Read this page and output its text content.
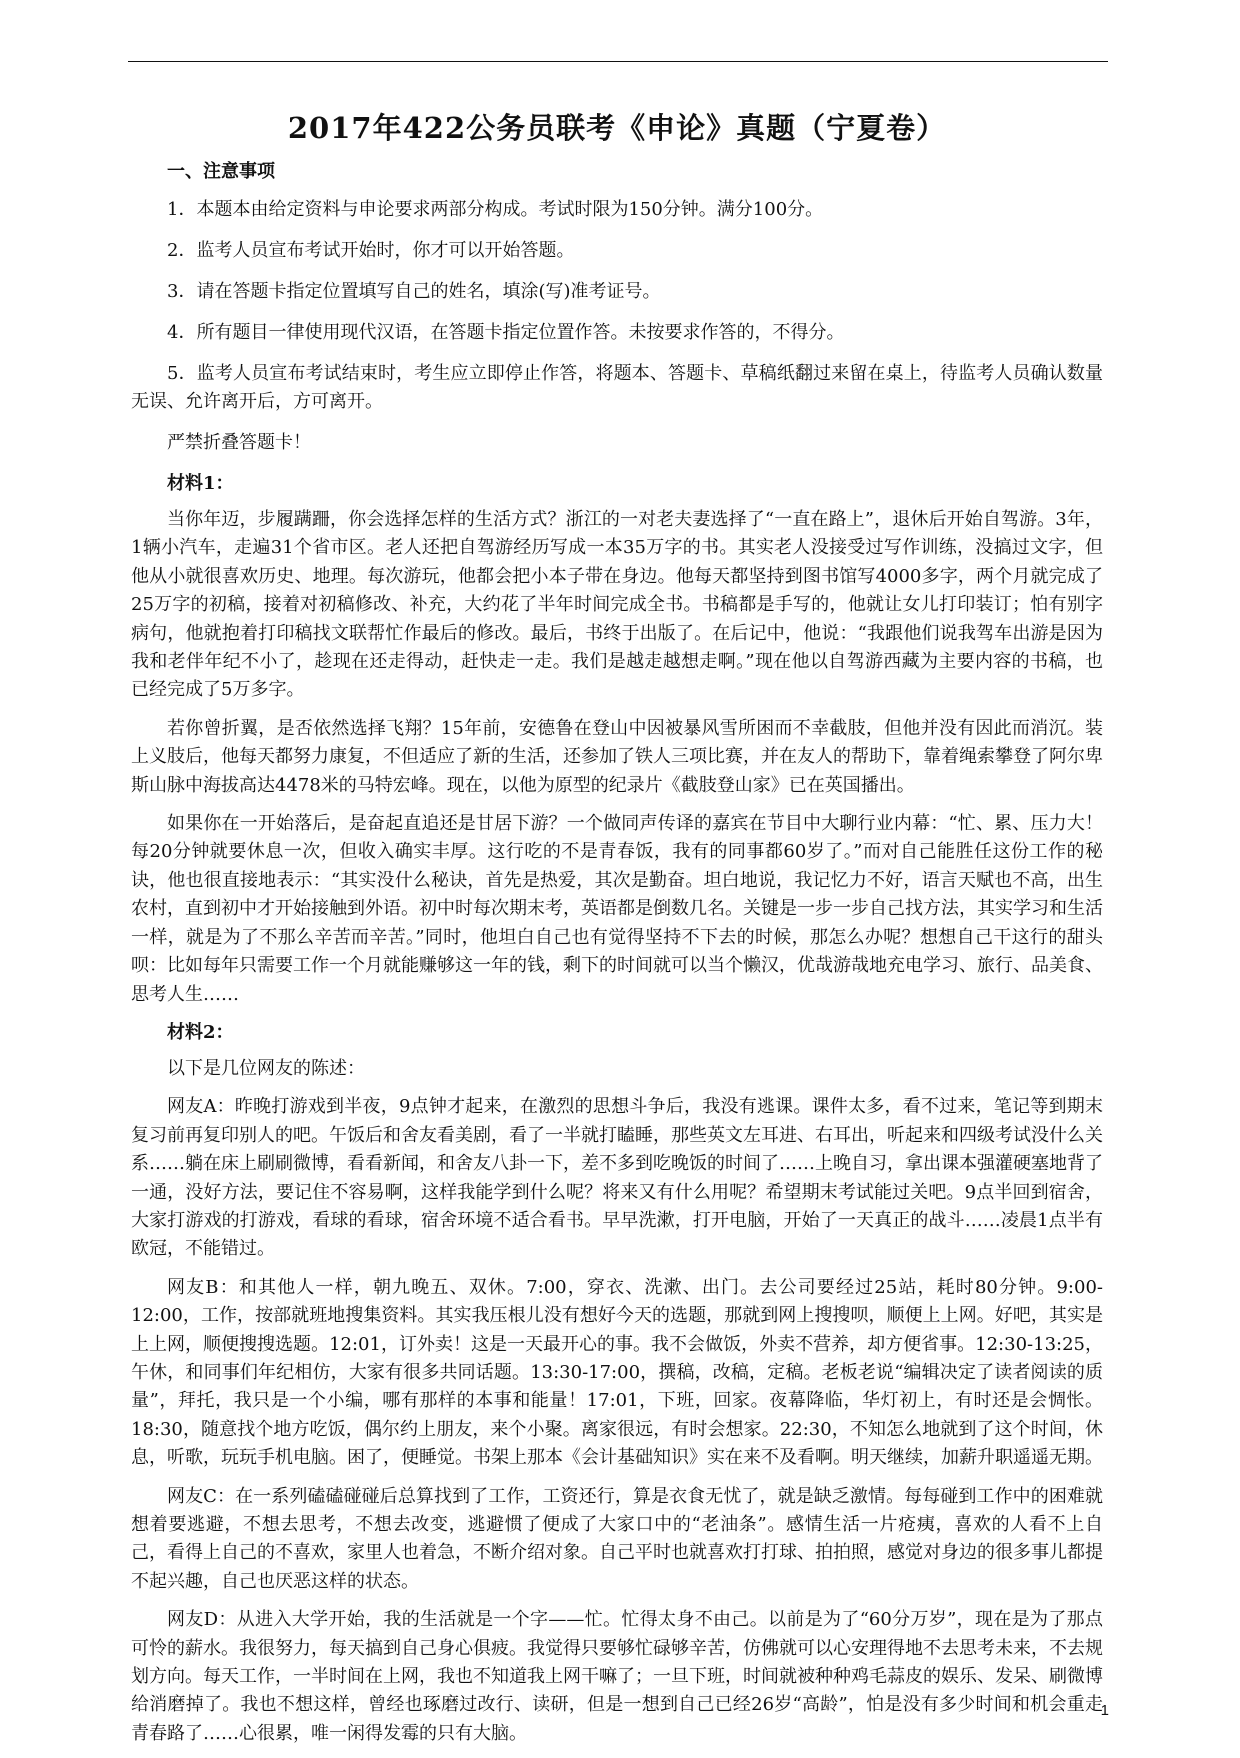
2017年422公务员联考《申论》真题（宁夏卷）
一、注意事项

1．本题本由给定资料与申论要求两部分构成。考试时限为150分钟。满分100分。

2．监考人员宣布考试开始时，你才可以开始答题。

3．请在答题卡指定位置填写自己的姓名，填涂(写)准考证号。

4．所有题目一律使用现代汉语，在答题卡指定位置作答。未按要求作答的，不得分。

5．监考人员宣布考试结束时，考生应立即停止作答，将题本、答题卡、草稿纸翻过来留在桌上，待监考人员确认数量无误、允许离开后，方可离开。

严禁折叠答题卡！

材料1：

当你年迈，步履蹒跚，你会选择怎样的生活方式？浙江的一对老夫妻选择了“一直在路上”，退休后开始自驾游。3年，1辆小汽车，走遍31个省市区。老人还把自驾游经历写成一本35万字的书。其实老人没接受过写作训练，没搞过文字，但他从小就很喜欢历史、地理。每次游玩，他都会把小本子带在身边。他每天都坚持到图书馆写4000多字，两个月就完成了25万字的初稿，接着对初稿修改、补充，大约花了半年时间完成全书。书稿都是手写的，他就让女儿打印装订；怕有别字病句，他就抱着打印稿找文联帮忙作最后的修改。最后，书终于出版了。在后记中，他说：“我跟他们说我驾车出游是因为我和老伴年纪不小了，趁现在还走得动，赶快走一走。我们是越走越想走啊。”现在他以自驾游西藏为主要内容的书稿，也已经完成了5万多字。

若你曾折翼，是否依然选择飞翔？15年前，安德鲁在登山中因被暴风雪所困而不幸截肢，但他并没有因此而消沉。装上义肢后，他每天都努力康复，不但适应了新的生活，还参加了铁人三项比赛，并在友人的帮助下，靠着绳索攀登了阿尔卑斯山脉中海拔高达4478米的马特宏峰。现在，以他为原型的纪录片《截肢登山家》已在英国播出。

如果你在一开始落后，是奋起直追还是甘居下游？一个做同声传译的嘉宾在节目中大聊行业内幕：“忙、累、压力大！每20分钟就要休息一次，但收入确实丰厚。这行吃的不是青春饭，我有的同事都60岁了。”而对自己能胜任这份工作的秘诀，他也很直接地表示：“其实没什么秘诀，首先是热爱，其次是勤奋。坦白地说，我记忆力不好，语言天赋也不高，出生农村，直到初中才开始接触到外语。初中时每次期末考，英语都是倒数几名。关键是一步一步自己找方法，其实学习和生活一样，就是为了不那么辛苦而辛苦。”同时，他坦白自己也有觉得坚持不下去的时候，那怎么办呢？想想自己干这行的甜头呗：比如每年只需要工作一个月就能赚够这一年的钱，剩下的时间就可以当个懒汉，优哉游哉地充电学习、旅行、品美食、思考人生……

材料2：

以下是几位网友的陈述：

网友A：昨晚打游戏到半夜，9点钟才起来，在激烈的思想斗争后，我没有逃课。课件太多，看不过来，笔记等到期末复习前再复印别人的吧。午饭后和舍友看美剧，看了一半就打瞌睡，那些英文左耳进、右耳出，听起来和四级考试没什么关系……躺在床上刷刷微博，看看新闻，和舍友八卦一下，差不多到吃晚饭的时间了……上晚自习，拿出课本强灌硬塞地背了一通，没好方法，要记住不容易啊，这样我能学到什么呢？将来又有什么用呢？希望期末考试能过关吧。9点半回到宿舍，大家打游戏的打游戏，看球的看球，宿舍环境不适合看书。早早洗漱，打开电脑，开始了一天真正的战斗……凌晨1点半有欧冠，不能错过。

网友B：和其他人一样，朝九晚五、双休。7:00，穿衣、洗漱、出门。去公司要经过25站，耗时80分钟。9:00-12:00，工作，按部就班地搜集资料。其实我压根儿没有想好今天的选题，那就到网上搜搜呗，顺便上上网。好吧，其实是上上网，顺便搜搜选题。12:01，订外卖！这是一天最开心的事。我不会做饭，外卖不营养，却方便省事。12:30-13:25，午休，和同事们年纪相仿，大家有很多共同话题。13:30-17:00，撰稿，改稿，定稿。老板老说“编辑决定了读者阅读的质量”，拜托，我只是一个小编，哪有那样的本事和能量！17:01，下班，回家。夜幕降临，华灯初上，有时还是会惆怅。18:30，随意找个地方吃饭，偶尔约上朋友，来个小聚。离家很远，有时会想家。22:30，不知怎么地就到了这个时间，休息，听歌，玩玩手机电脑。困了，便睡觉。书架上那本《会计基础知识》实在来不及看啊。明天继续，加薪升职遥遥无期。

网友C：在一系列磕磕碰碰后总算找到了工作，工资还行，算是衣食无忧了，就是缺乏激情。每每碰到工作中的困难就想着要逃避，不想去思考，不想去改变，逃避惯了便成了大家口中的“老油条”。感情生活一片疮痍，喜欢的人看不上自己，看得上自己的不喜欢，家里人也着急，不断介绍对象。自己平时也就喜欢打打球、拍拍照，感觉对身边的很多事儿都提不起兴趣，自己也厌恶这样的状态。

网友D：从进入大学开始，我的生活就是一个字——忙。忙得太身不由己。以前是为了“60分万岁”，现在是为了那点可怜的薪水。我很努力，每天搞到自己身心俱疲。我觉得只要够忙碌够辛苦，仿佛就可以心安理得地不去思考未来，不去规划方向。每天工作，一半时间在上网，我也不知道我上网干嘛了；一旦下班，时间就被种种鸡毛蒜皮的娱乐、发呆、刷微博给消磨掉了。我也不想这样，曾经也琢磨过改行、读研，但是一想到自己已经26岁“高龄”，怕是没有多少时间和机会重走青春路了……心很累，唯一闲得发霉的只有大脑。

1
